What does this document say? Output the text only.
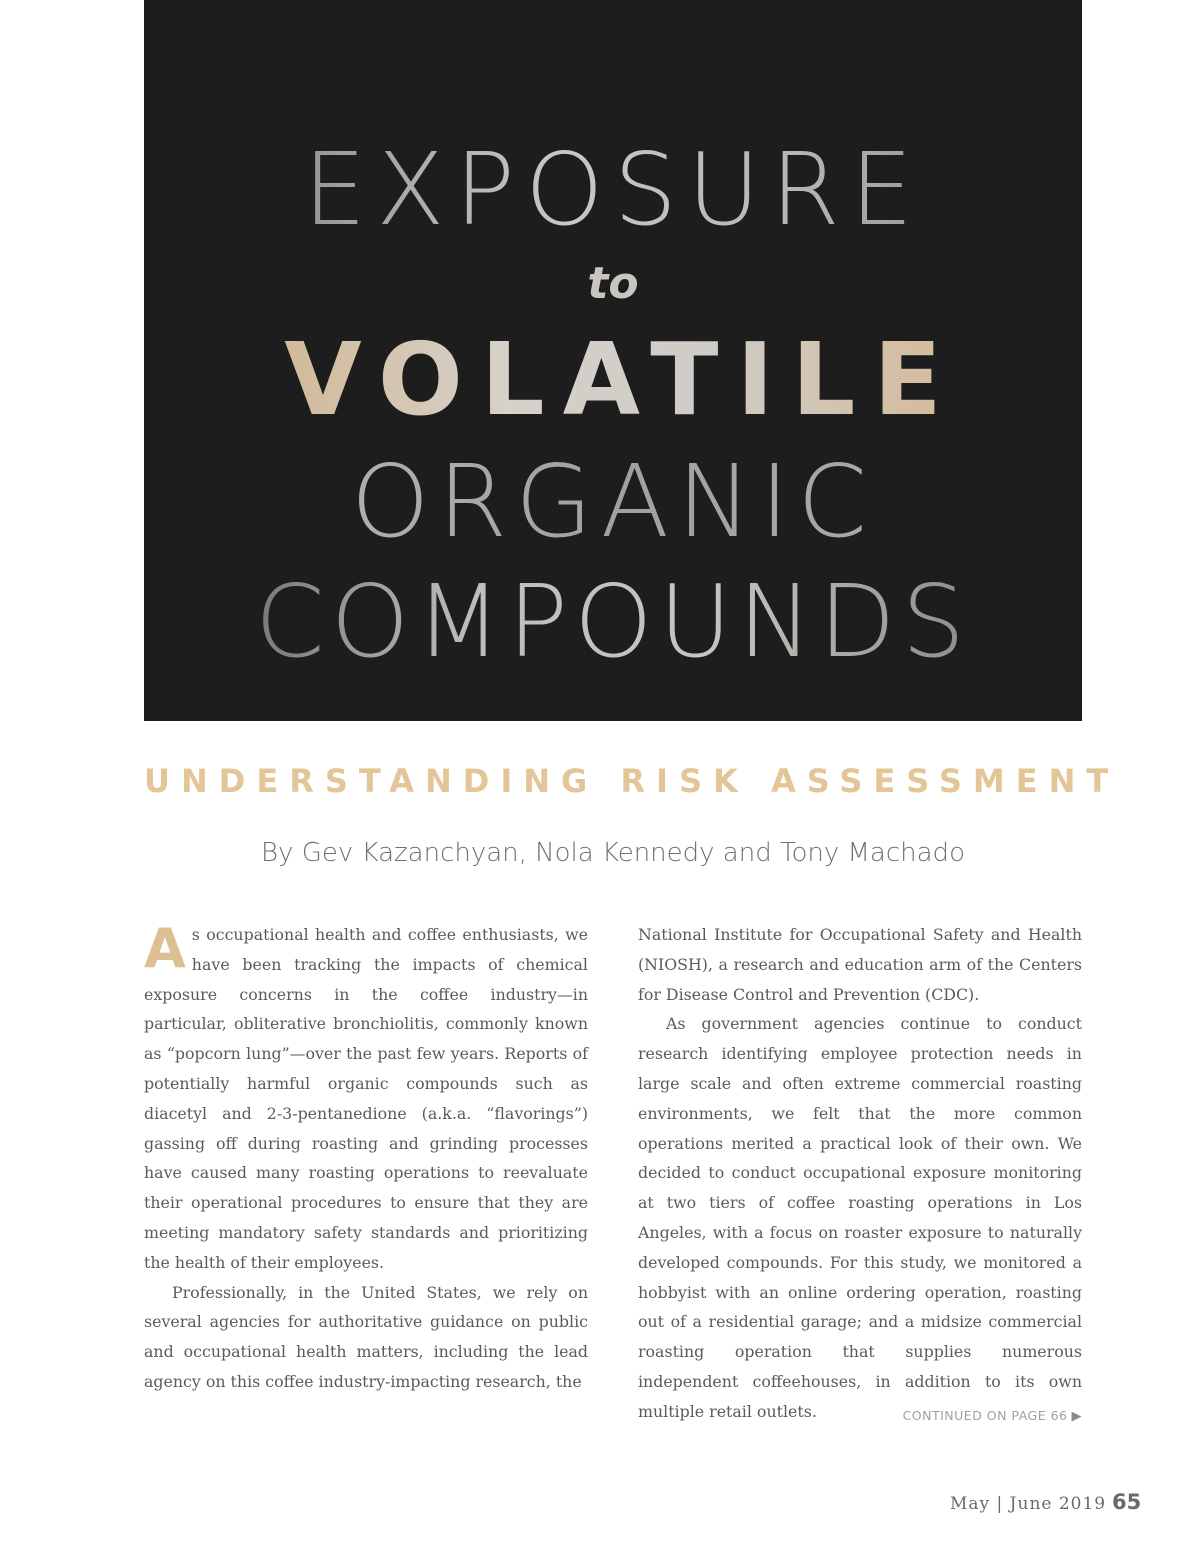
EXPOSURE
to
VOLATILE
ORGANIC
COMPOUNDS
UNDERSTANDING RISK ASSESSMENT
By Gev Kazanchyan, Nola Kennedy and Tony Machado

As occupational health and coffee enthusiasts, we have been tracking the impacts of chemical exposure concerns in the coffee industry—in particular, obliterative bronchiolitis, commonly known as “popcorn lung”—over the past few years. Reports of potentially harmful organic compounds such as diacetyl and 2-3-pentanedione (a.k.a. “flavorings”) gassing off during roasting and grinding processes have caused many roasting operations to reevaluate their operational procedures to ensure that they are meeting mandatory safety standards and prioritizing the health of their employees.

Professionally, in the United States, we rely on several agencies for authoritative guidance on public and occupational health matters, including the lead agency on this coffee industry-impacting research, the

National Institute for Occupational Safety and Health (NIOSH), a research and education arm of the Centers for Disease Control and Prevention (CDC).

As government agencies continue to conduct research identifying employee protection needs in large scale and often extreme commercial roasting environments, we felt that the more common operations merited a practical look of their own. We decided to conduct occupational exposure monitoring at two tiers of coffee roasting operations in Los Angeles, with a focus on roaster exposure to naturally developed compounds. For this study, we monitored a hobbyist with an online ordering operation, roasting out of a residential garage; and a midsize commercial roasting operation that supplies numerous independent coffeehouses, in addition to its own multiple retail outlets.	CONTINUED ON PAGE 66 ▶
May | June 2019 65
